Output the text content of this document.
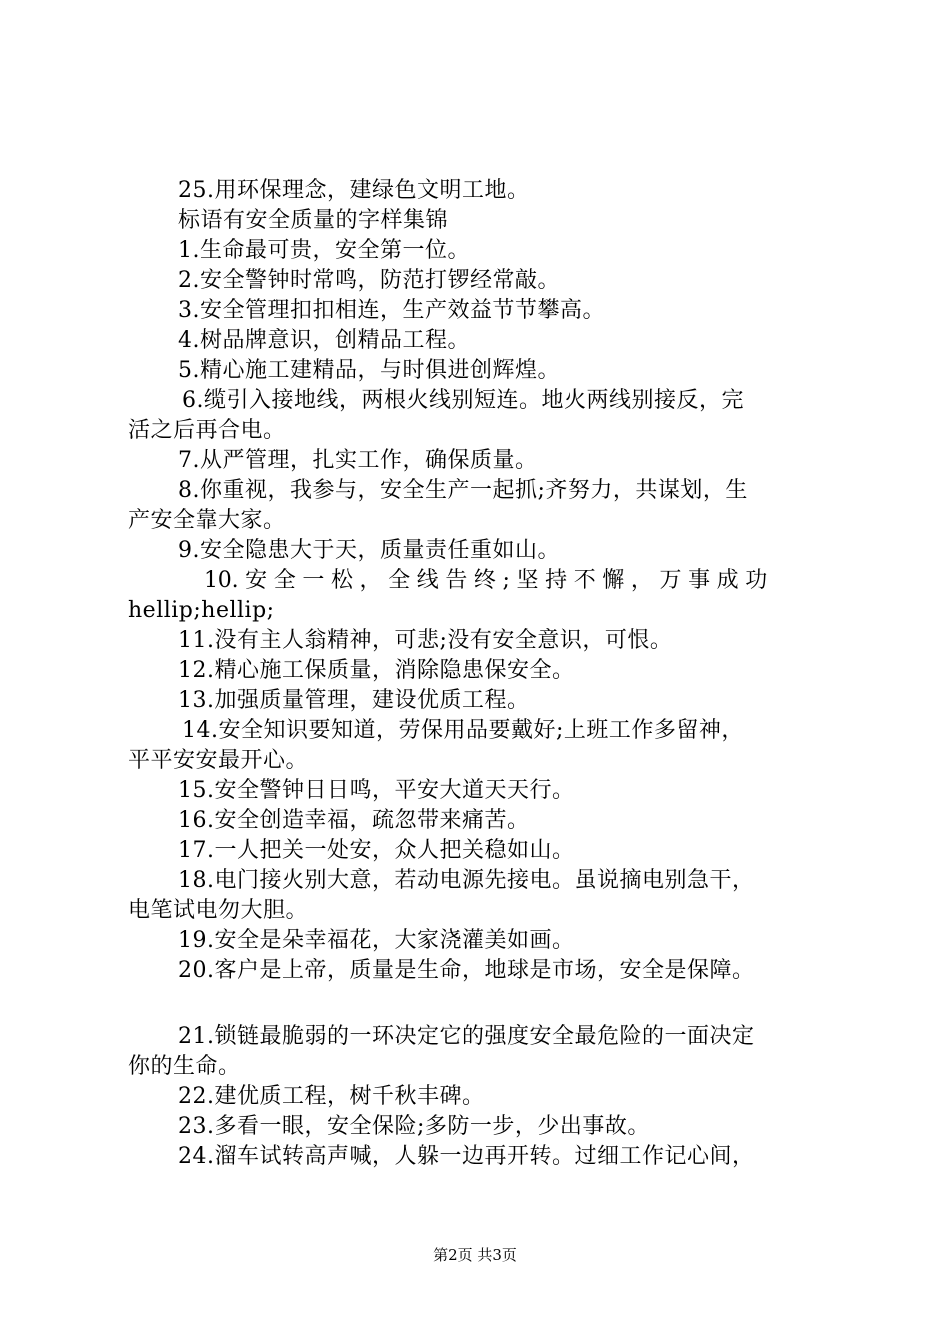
25.用环保理念，建绿色文明工地。
标语有安全质量的字样集锦
1.生命最可贵，安全第一位。
2.安全警钟时常鸣，防范打锣经常敲。
3.安全管理扣扣相连，生产效益节节攀高。
4.树品牌意识，创精品工程。
5.精心施工建精品，与时俱进创辉煌。
6.缆引入接地线，两根火线别短连。地火两线别接反，完
活之后再合电。
7.从严管理，扎实工作，确保质量。
8.你重视，我参与，安全生产一起抓;齐努力，共谋划，生
产安全靠大家。
9.安全隐患大于天，质量责任重如山。
10. 安 全 一 松 ， 全 线 告 终 ; 坚 持 不 懈 ， 万 事 成 功
hellip;hellip;
11.没有主人翁精神，可悲;没有安全意识，可恨。
12.精心施工保质量，消除隐患保安全。
13.加强质量管理，建设优质工程。
14.安全知识要知道，劳保用品要戴好;上班工作多留神，
平平安安最开心。
15.安全警钟日日鸣，平安大道天天行。
16.安全创造幸福，疏忽带来痛苦。
17.一人把关一处安，众人把关稳如山。
18.电门接火别大意，若动电源先接电。虽说摘电别急干，
电笔试电勿大胆。
19.安全是朵幸福花，大家浇灌美如画。
20.客户是上帝，质量是生命，地球是市场，安全是保障。
21.锁链最脆弱的一环决定它的强度安全最危险的一面决定
你的生命。
22.建优质工程，树千秋丰碑。
23.多看一眼，安全保险;多防一步，少出事故。
24.溜车试转高声喊，人躲一边再开转。过细工作记心间，
第2页 共3页
